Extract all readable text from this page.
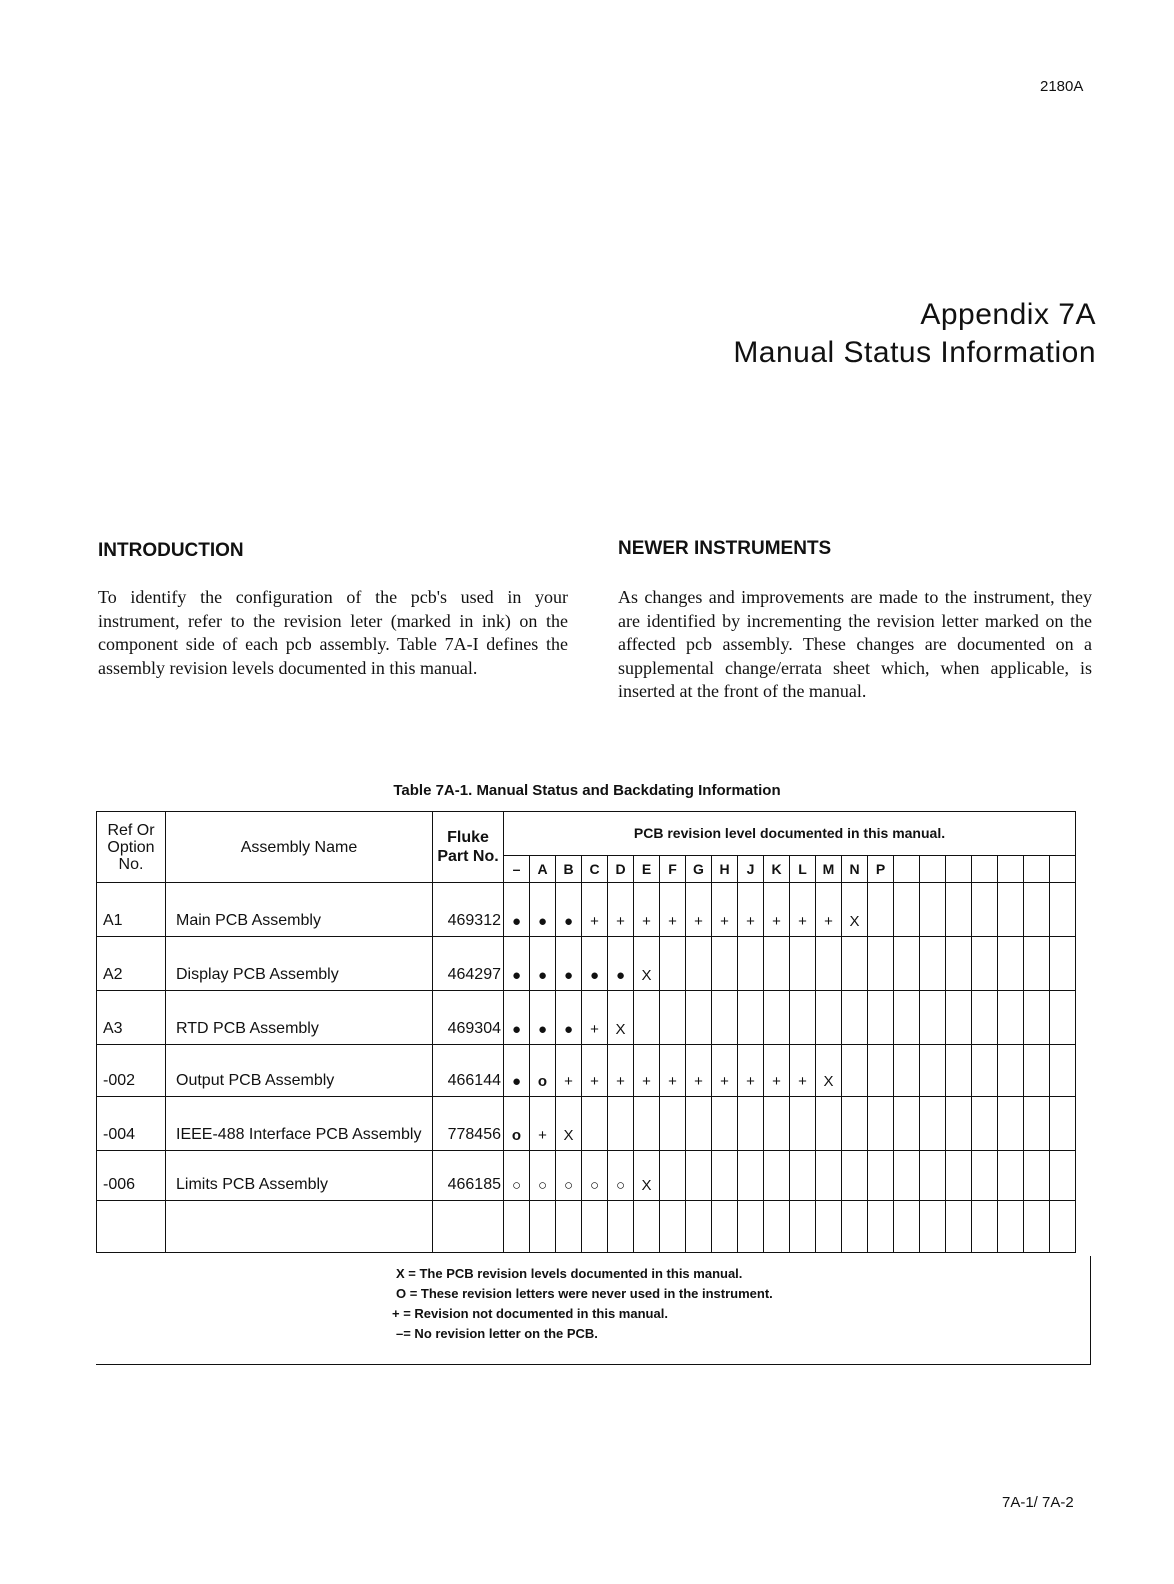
2180A
Appendix 7A
Manual Status Information
INTRODUCTION
To identify the configuration of the pcb's used in your instrument, refer to the revision leter (marked in ink) on the component side of each pcb assembly. Table 7A-I defines the assembly revision levels documented in this manual.
NEWER INSTRUMENTS
As changes and improvements are made to the instrument, they are identified by incrementing the revision letter marked on the affected pcb assembly. These changes are documented on a supplemental change/errata sheet which, when applicable, is inserted at the front of the manual.
Table 7A-1. Manual Status and Backdating Information
Ref Or Option No.	Assembly Name	Fluke Part No.	PCB revision level documented in this manual.																					
			–	A	B	C	D	E	F	G	H	J	K	L	M	N	P							
A1	Main PCB Assembly	469312	●	●	●	+	+	+	+	+	+	+	+	+	+	X								
A2	Display PCB Assembly	464297	●	●	●	●	●	X																
A3	RTD PCB Assembly	469304	●	●	●	+	X																	
-002	Output PCB Assembly	466144	●	o	+	+	+	+	+	+	+	+	+	+	X									
-004	IEEE-488 Interface PCB Assembly	778456	o	+	X																			
-006	Limits PCB Assembly	466185	○	○	○	○	○	X																

X = The PCB revision levels documented in this manual.
O = These revision letters were never used in the instrument.
+ = Revision not documented in this manual.
–= No revision letter on the PCB.
7A-1/ 7A-2
